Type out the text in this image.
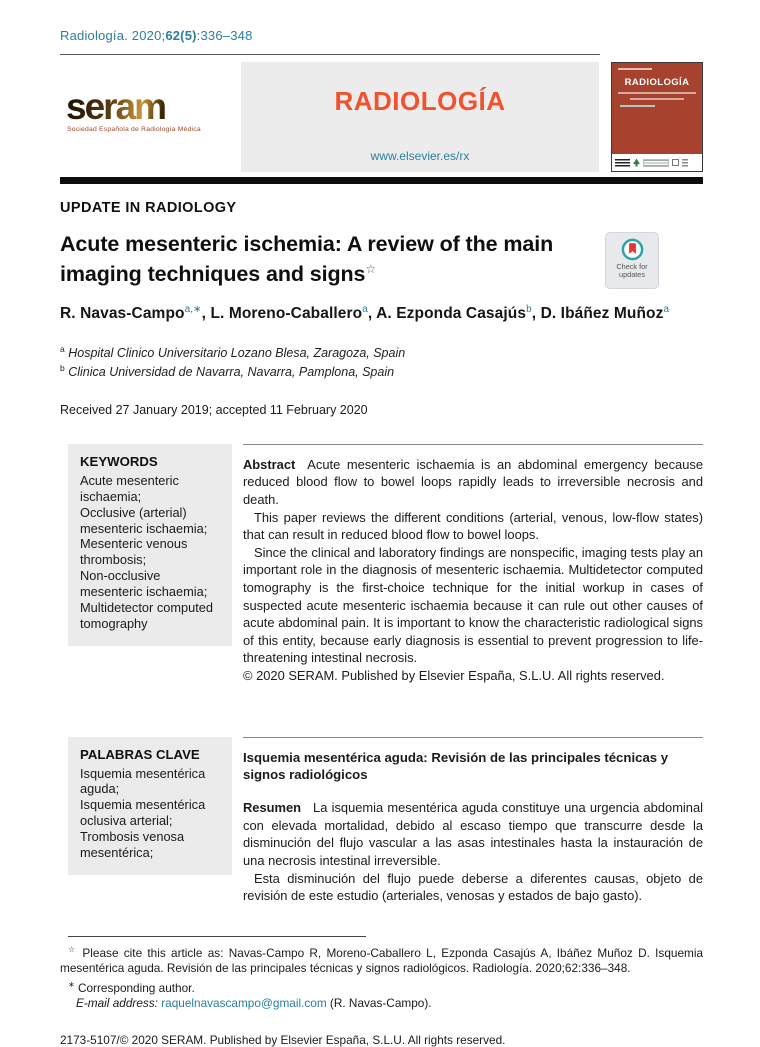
Radiología. 2020;62(5):336–348
seram
Sociedad Española de Radiología Médica
RADIOLOGÍA
www.elsevier.es/rx
RADIOLOGÍA
UPDATE IN RADIOLOGY
Acute mesenteric ischemia: A review of the main imaging techniques and signs☆	Check for updates
R. Navas-Campo$^{a,∗}$, L. Moreno-Caballero$^a$, A. Ezponda Casajús$^b$, D. Ibáñez Muñoz$^a$
$^a$ Hospital Clinico Universitario Lozano Blesa, Zaragoza, Spain
$^b$ Clinica Universidad de Navarra, Navarra, Pamplona, Spain
Received 27 January 2019; accepted 11 February 2020
KEYWORDS
Acute mesenteric ischaemia;
Occlusive (arterial) mesenteric ischaemia;
Mesenteric venous thrombosis;
Non-occlusive mesenteric ischaemia;
Multidetector computed tomography

Abstract Acute mesenteric ischaemia is an abdominal emergency because reduced blood flow to bowel loops rapidly leads to irreversible necrosis and death.

This paper reviews the different conditions (arterial, venous, low-flow states) that can result in reduced blood flow to bowel loops.

Since the clinical and laboratory findings are nonspecific, imaging tests play an important role in the diagnosis of mesenteric ischaemia. Multidetector computed tomography is the first-choice technique for the initial workup in cases of suspected acute mesenteric ischaemia because it can rule out other causes of acute abdominal pain. It is important to know the characteristic radiological signs of this entity, because early diagnosis is essential to prevent progression to life-threatening intestinal necrosis.

© 2020 SERAM. Published by Elsevier España, S.L.U. All rights reserved.

PALABRAS CLAVE
Isquemia mesentérica aguda;
Isquemia mesentérica oclusiva arterial;
Trombosis venosa mesentérica;
Isquemia mesentérica aguda: Revisión de las principales técnicas y signos radiológicos

Resumen La isquemia mesentérica aguda constituye una urgencia abdominal con elevada mortalidad, debido al escaso tiempo que transcurre desde la disminución del flujo vascular a las asas intestinales hasta la instauración de una necrosis intestinal irreversible.

Esta disminución del flujo puede deberse a diferentes causas, objeto de revisión de este estudio (arteriales, venosas y estados de bajo gasto).

☆ Please cite this article as: Navas-Campo R, Moreno-Caballero L, Ezponda Casajús A, Ibáñez Muñoz D. Isquemia mesentérica aguda. Revisión de las principales técnicas y signos radiológicos. Radiología. 2020;62:336–348.

∗ Corresponding author.

E-mail address: raquelnavascampo@gmail.com (R. Navas-Campo).

2173-5107/© 2020 SERAM. Published by Elsevier España, S.L.U. All rights reserved.
